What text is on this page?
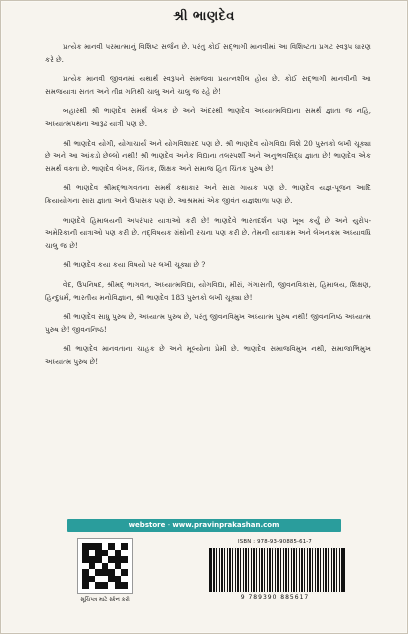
શ્રી ભાણદેવ

પ્રત્યેક માનવી પરમાત્માનું વિશિષ્ટ સર્જન છે. પરંતુ કોઈ સદ્‌ભાગી માનવીમાં આ વિશિષ્ટતા પ્રગટ સ્વરૂપ ધારણ કરે છે.

પ્રત્યેક માનવી જીવનમાં યથાર્થ સ્વરૂપને સમજવા પ્રયત્નશીલ હોય છે. કોઈ સદ્‌ભાગી માનવીની આ સમજયાત્રા સતત અને તીવ્ર ગતિથી ચાલુ અને ચાલુ જ રહે છે!

બહારથી શ્રી ભાણદેવ સમર્થ લેખક છે અને અંદરથી ભાણદેવ અધ્યાત્મવિદ્યાના સમર્થ જ્ઞાતા જ નહિ, અધ્યાત્મપથના આરૂઢ યાત્રી પણ છે.

શ્રી ભાણદેવ યોગી, યોગાચાર્ય અને યોગવિશારદ પણ છે. શ્રી ભાણદેવ યોગવિદ્યા વિશે 20 પુસ્તકો લખી ચૂક્યા છે અને આ આંકડો છેલ્લો નથી! શ્રી ભાણદેવ અનેક વિદ્યાના તલસ્પર્શી અને અનુભવસિદ્ધ જ્ઞાતા છે! ભાણદેવ એક સમર્થ વક્તા છે. ભાણદેવ લેખક, ચિંતક, શિક્ષક અને સમાજ હિત ચિંતક પુરુષ છે!

શ્રી ભાણદેવ શ્રીમદ્‌ભાગવતના સમર્થ કથાકાર અને સારા ગાયક પણ છે. ભાણદેવ યજ્ઞ-પૂજન આદિ ક્રિયાયોગના સારા જ્ઞાતા અને ઉપાસક પણ છે. આશ્રમમાં એક જીવંત યજ્ઞશાળા પણ છે.

ભાણદેવે હિમાલયની અપરંપાર યાત્રાઓ કરી છે! ભાણદેવે ભારતદર્શન પણ ખૂબ કર્યું છે અને યુરોપ-અમેરિકાની યાત્રાઓ પણ કરી છે. તદ્‌વિષયક ગ્રંથોની રચના પણ કરી છે. તેમની યાત્રાક્રમ અને લેખનક્રમ અધ્યાવધિ ચાલુ જ છે!

શ્રી ભાણદેવ કયા કયા વિષયો પર લખી ચૂક્યા છે ?

વેદ, ઉપનિષદ, શ્રીમદ્‌ ભાગવત, અધ્યાત્મવિદ્યા, યોગવિદ્યા, મીરાં, ગંગાસતી, જીવનવિકાસ, હિમાલય, શિક્ષણ, હિન્દુધર્મ, ભારતીય મનોવિજ્ઞાન, શ્રી ભાણદેવ 183 પુસ્તકો લખી ચૂક્યા છે!

શ્રી ભાણદેવ સાધુ પુરુષ છે, અધ્યાત્મ પુરુષ છે, પરંતુ જીવનવિમુખ અધ્યાત્મ પુરુષ નથી! જીવનનિષ્ઠ અધ્યાત્મ પુરુષ છે! જીવનનિષ્ઠ!

શ્રી ભાણદેવ માનવતાના ચાહક છે અને મૂલ્યોના પ્રેમી છે. ભાણદેવ સમાજવિમુખ નથી, સમાજાભિમુખ અધ્યાત્મ પુરુષ છે!

webstore - www.pravinprakashan.com
સૂચિપત્ર માટે સ્કેન કરો
ISBN : 978-93-90885-61-7
9 789390 885617
